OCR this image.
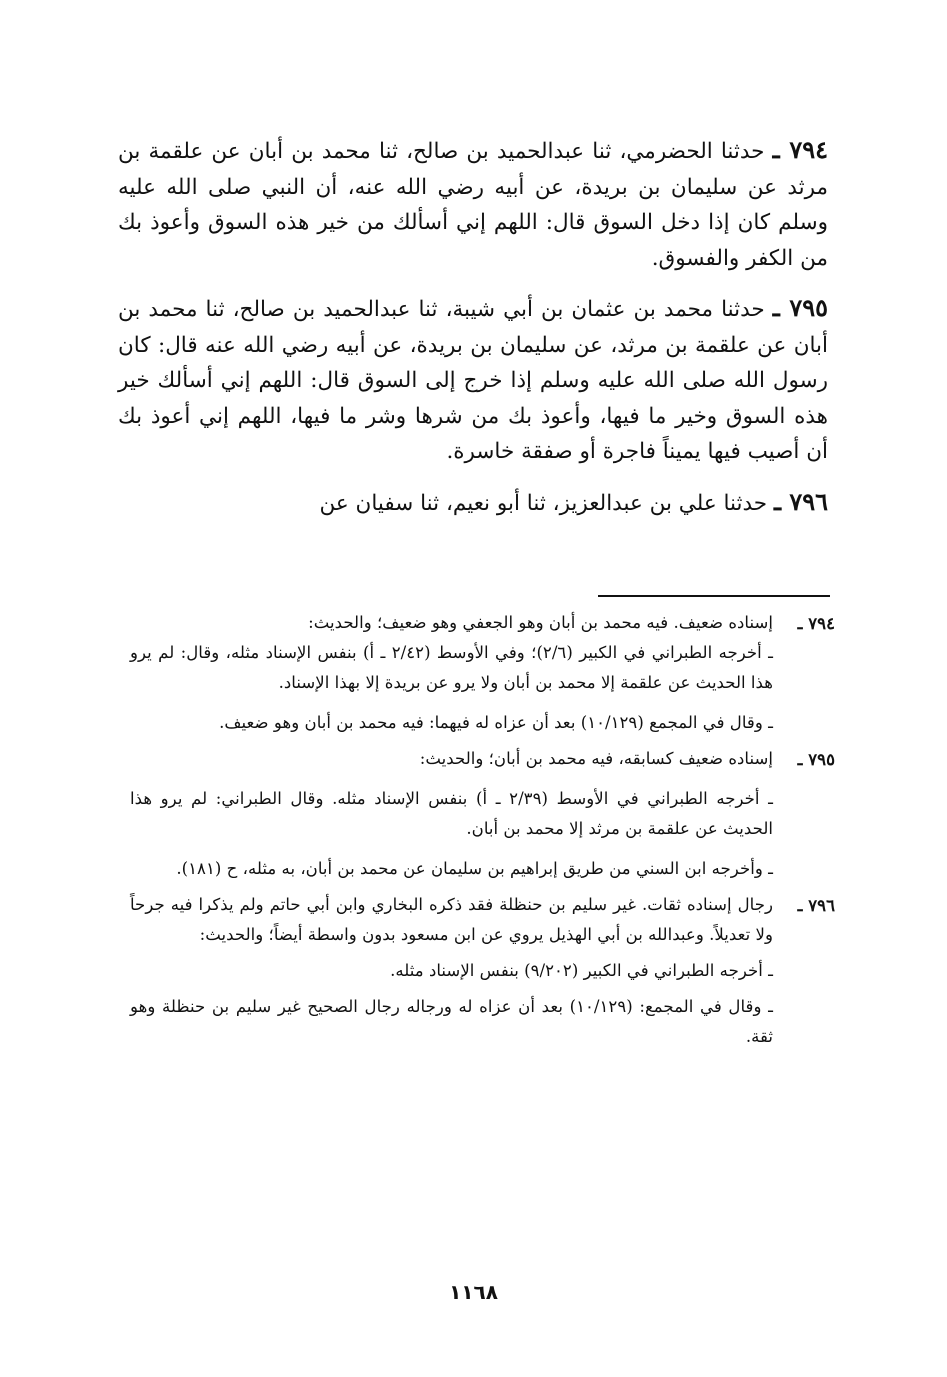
٧٩٤ ـ حدثنا الحضرمي، ثنا عبدالحميد بن صالح، ثنا محمد بن أبان عن علقمة بن مرثد عن سليمان بن بريدة، عن أبيه رضي الله عنه، أن النبي صلى الله عليه وسلم كان إذا دخل السوق قال: اللهم إني أسألك من خير هذه السوق وأعوذ بك من الكفر والفسوق.

٧٩٥ ـ حدثنا محمد بن عثمان بن أبي شيبة، ثنا عبدالحميد بن صالح، ثنا محمد بن أبان عن علقمة بن مرثد، عن سليمان بن بريدة، عن أبيه رضي الله عنه قال: كان رسول الله صلى الله عليه وسلم إذا خرج إلى السوق قال: اللهم إني أسألك خير هذه السوق وخير ما فيها، وأعوذ بك من شرها وشر ما فيها، اللهم إني أعوذ بك أن أصيب فيها يميناً فاجرة أو صفقة خاسرة.

٧٩٦ ـ حدثنا علي بن عبدالعزيز، ثنا أبو نعيم، ثنا سفيان عن

٧٩٤ ـ
إسناده ضعيف. فيه محمد بن أبان وهو الجعفي وهو ضعيف؛ والحديث:
ـ أخرجه الطبراني في الكبير (٢/٦)؛ وفي الأوسط (٢/٤٢ ـ أ) بنفس الإسناد مثله، وقال: لم يرو هذا الحديث عن علقمة إلا محمد بن أبان ولا يرو عن بريدة إلا بهذا الإسناد.
ـ وقال في المجمع (١٠/١٢٩) بعد أن عزاه له فيهما: فيه محمد بن أبان وهو ضعيف.
٧٩٥ ـ
إسناده ضعيف كسابقه، فيه محمد بن أبان؛ والحديث:
ـ أخرجه الطبراني في الأوسط (٢/٣٩ ـ أ) بنفس الإسناد مثله. وقال الطبراني: لم يرو هذا الحديث عن علقمة بن مرثد إلا محمد بن أبان.
ـ وأخرجه ابن السني من طريق إبراهيم بن سليمان عن محمد بن أبان، به مثله، ح (١٨١).
٧٩٦ ـ
رجال إسناده ثقات. غير سليم بن حنظلة فقد ذكره البخاري وابن أبي حاتم ولم يذكرا فيه جرحاً ولا تعديلاً. وعبدالله بن أبي الهذيل يروي عن ابن مسعود بدون واسطة أيضاً؛ والحديث:
ـ أخرجه الطبراني في الكبير (٩/٢٠٢) بنفس الإسناد مثله.
ـ وقال في المجمع: (١٠/١٢٩) بعد أن عزاه له ورجاله رجال الصحيح غير سليم بن حنظلة وهو ثقة.
١١٦٨
